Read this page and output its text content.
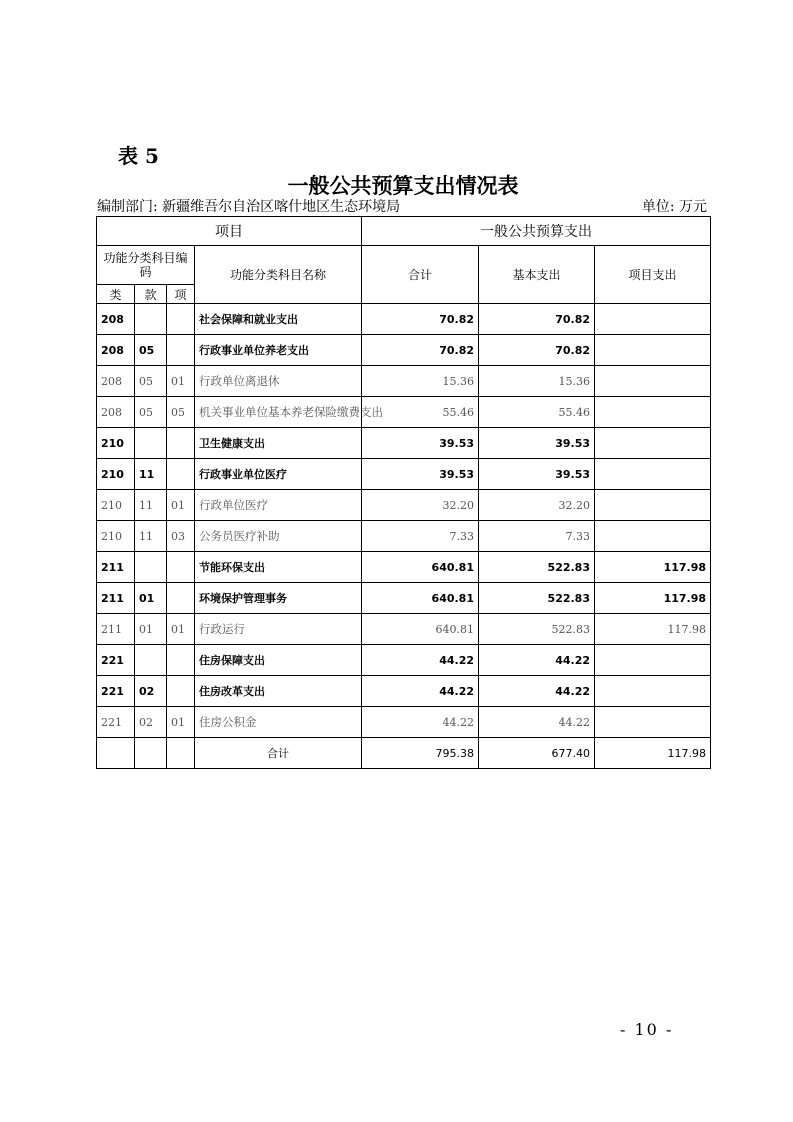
表 5
一般公共预算支出情况表
编制部门: 新疆维吾尔自治区喀什地区生态环境局	单位: 万元
项目				一般公共预算支出		
功能分类科目编码			功能分类科目名称	合计	基本支出	项目支出
类	款	项				
208			社会保障和就业支出	70.82	70.82	
208	05		行政事业单位养老支出	70.82	70.82	
208	05	01	行政单位离退休	15.36	15.36	
208	05	05	机关事业单位基本养老保险缴费支出	55.46	55.46	
210			卫生健康支出	39.53	39.53	
210	11		行政事业单位医疗	39.53	39.53	
210	11	01	行政单位医疗	32.20	32.20	
210	11	03	公务员医疗补助	7.33	7.33	
211			节能环保支出	640.81	522.83	117.98
211	01		环境保护管理事务	640.81	522.83	117.98
211	01	01	行政运行	640.81	522.83	117.98
221			住房保障支出	44.22	44.22	
221	02		住房改革支出	44.22	44.22	
221	02	01	住房公积金	44.22	44.22	
			合计	795.38	677.40	117.98
- 10 -
